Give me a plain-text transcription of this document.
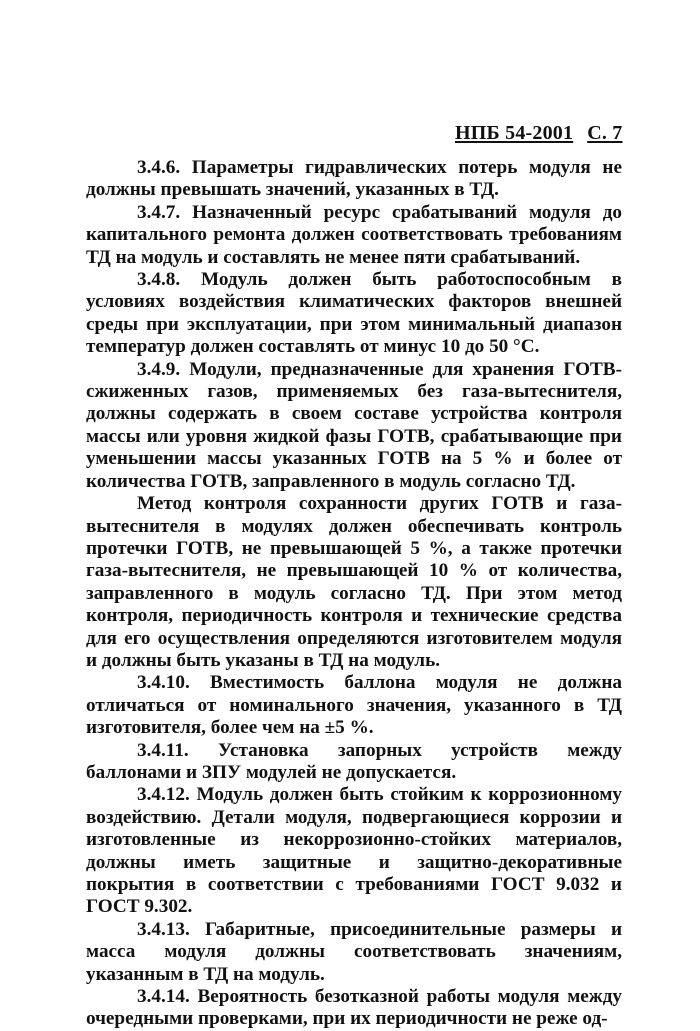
НПБ 54-2001 С. 7

3.4.6. Параметры гидравлических потерь модуля не должны превышать значений, указанных в ТД.

3.4.7. Назначенный ресурс срабатываний модуля до капитального ремонта должен соответствовать требованиям ТД на модуль и составлять не менее пяти срабатываний.

3.4.8. Модуль должен быть работоспособным в условиях воздействия климатических факторов внешней среды при эксплуатации, при этом минимальный диапазон температур должен составлять от минус 10 до 50 °С.

3.4.9. Модули, предназначенные для хранения ГОТВ-сжиженных газов, применяемых без газа-вытеснителя, должны содержать в своем составе устройства контроля массы или уровня жидкой фазы ГОТВ, срабатывающие при уменьшении массы указанных ГОТВ на 5 % и более от количества ГОТВ, заправленного в модуль согласно ТД.

Метод контроля сохранности других ГОТВ и газа-вытеснителя в модулях должен обеспечивать контроль протечки ГОТВ, не превышающей 5 %, а также протечки газа-вытеснителя, не превышающей 10 % от количества, заправленного в модуль согласно ТД. При этом метод контроля, периодичность контроля и технические средства для его осуществления определяются изготовителем модуля и должны быть указаны в ТД на модуль.

3.4.10. Вместимость баллона модуля не должна отличаться от номинального значения, указанного в ТД изготовителя, более чем на ±5 %.

3.4.11. Установка запорных устройств между баллонами и ЗПУ модулей не допускается.

3.4.12. Модуль должен быть стойким к коррозионному воздействию. Детали модуля, подвергающиеся коррозии и изготовленные из некоррозионно-стойких материалов, должны иметь защитные и защитно-декоративные покрытия в соответствии с требованиями ГОСТ 9.032 и ГОСТ 9.302.

3.4.13. Габаритные, присоединительные размеры и масса модуля должны соответствовать значениям, указанным в ТД на модуль.

3.4.14. Вероятность безотказной работы модуля между очередными проверками, при их периодичности не реже од-
